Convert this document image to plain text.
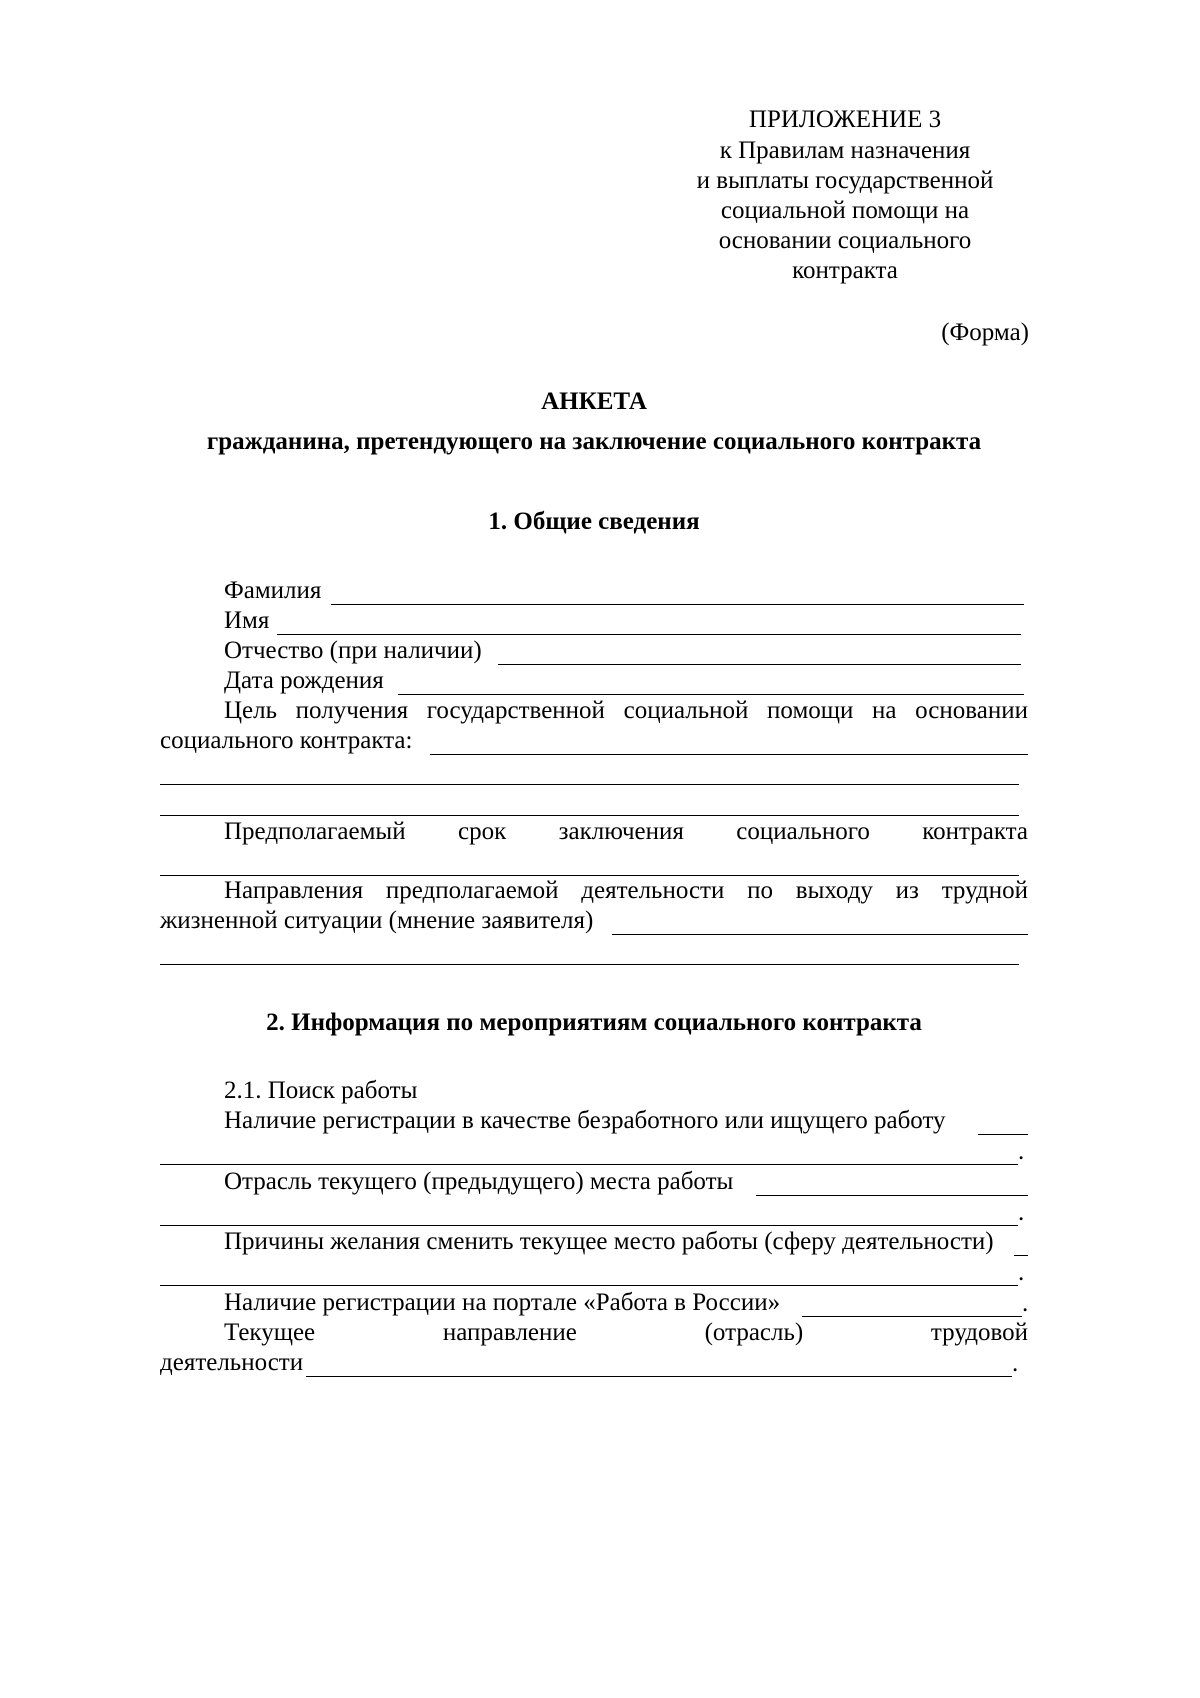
ПРИЛОЖЕНИЕ 3
к Правилам назначения
и выплаты государственной
социальной помощи на
основании социального
контракта
(Форма)
АНКЕТА
гражданина, претендующего на заключение социального контракта
1. Общие сведения
Фамилия
Имя
Отчество (при наличии)
Дата рождения
Цель получения государственной социальной помощи на основании
социального контракта:
Предполагаемый срок заключения социального контракта
Направления предполагаемой деятельности по выходу из трудной
жизненной ситуации (мнение заявителя)
2. Информация по мероприятиям социального контракта
2.1. Поиск работы
Наличие регистрации в качестве безработного или ищущего работу
.
Отрасль текущего (предыдущего) места работы
.
Причины желания сменить текущее место работы (сферу деятельности)
.
Наличие регистрации на портале «Работа в России»	.
Текущее	направление	(отрасль)	трудовой
деятельности	.
